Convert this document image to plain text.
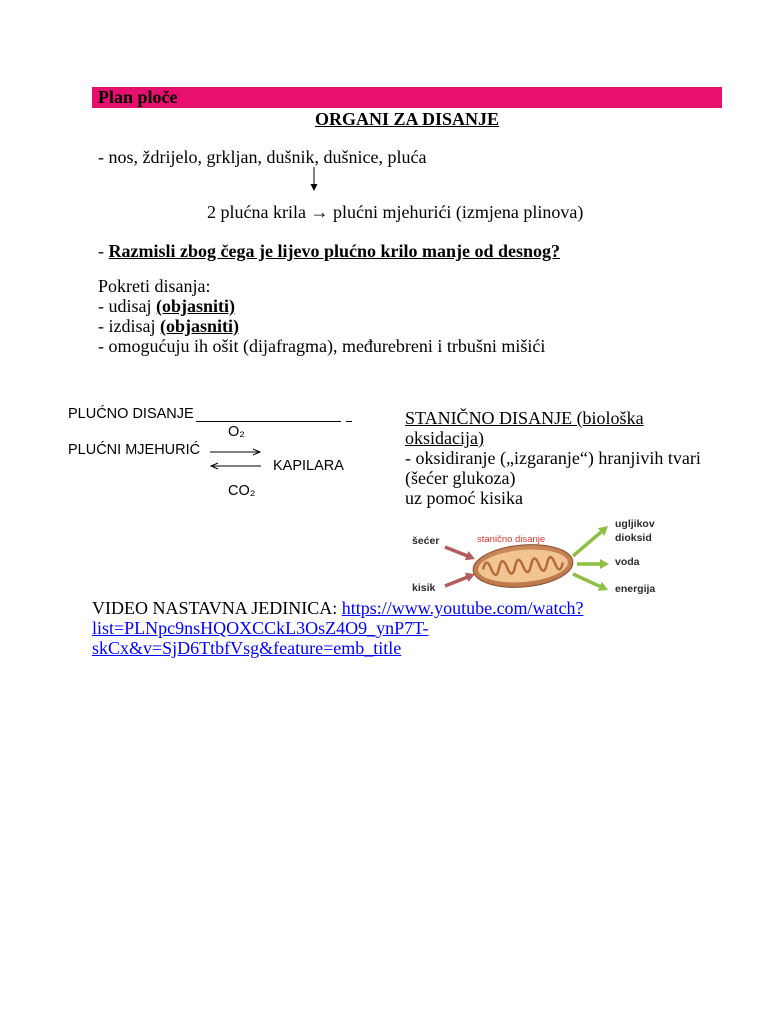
Plan ploče
ORGANI ZA DISANJE
- nos, ždrijelo, grkljan, dušnik, dušnice, pluća
2 plućna krila → plućni mjehurići (izmjena plinova)
- Razmisli zbog čega je lijevo plućno krilo manje od desnog?
Pokreti disanja:
- udisaj (objasniti)
- izdisaj (objasniti)
- omogućuju ih ošit (dijafragma), međurebreni i trbušni mišići
PLUĆNO DISANJE
O₂
PLUĆNI MJEHURIĆ
KAPILARA
CO₂
STANIČNO DISANJE (biološka
oksidacija)
- oksidiranje („izgaranje“) hranjivih tvari
(šećer glukoza)
uz pomoć kisika
šećer
kisik
stanično disanje
ugljikov
dioksid
voda
energija
VIDEO NASTAVNA JEDINICA: https://www.youtube.com/watch?
list=PLNpc9nsHQOXCCkL3OsZ4O9_ynP7T-
skCx&v=SjD6TtbfVsg&feature=emb_title
